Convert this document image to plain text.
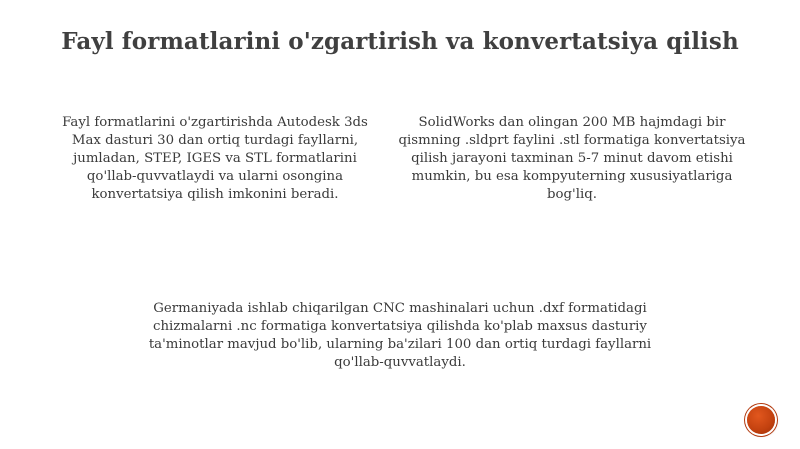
Fayl formatlarini o'zgartirish va konvertatsiya qilish
Fayl formatlarini o'zgartirishda Autodesk 3ds Max dasturi 30 dan ortiq turdagi fayllarni, jumladan, STEP, IGES va STL formatlarini qo'llab-quvvatlaydi va ularni osongina konvertatsiya qilish imkonini beradi.
SolidWorks dan olingan 200 MB hajmdagi bir qismning .sldprt faylini .stl formatiga konvertatsiya qilish jarayoni taxminan 5-7 minut davom etishi mumkin, bu esa kompyuterning xususiyatlariga bog'liq.
Germaniyada ishlab chiqarilgan CNC mashinalari uchun .dxf formatidagi chizmalarni .nc formatiga konvertatsiya qilishda ko'plab maxsus dasturiy ta'minotlar mavjud bo'lib, ularning ba'zilari 100 dan ortiq turdagi fayllarni qo'llab-quvvatlaydi.
